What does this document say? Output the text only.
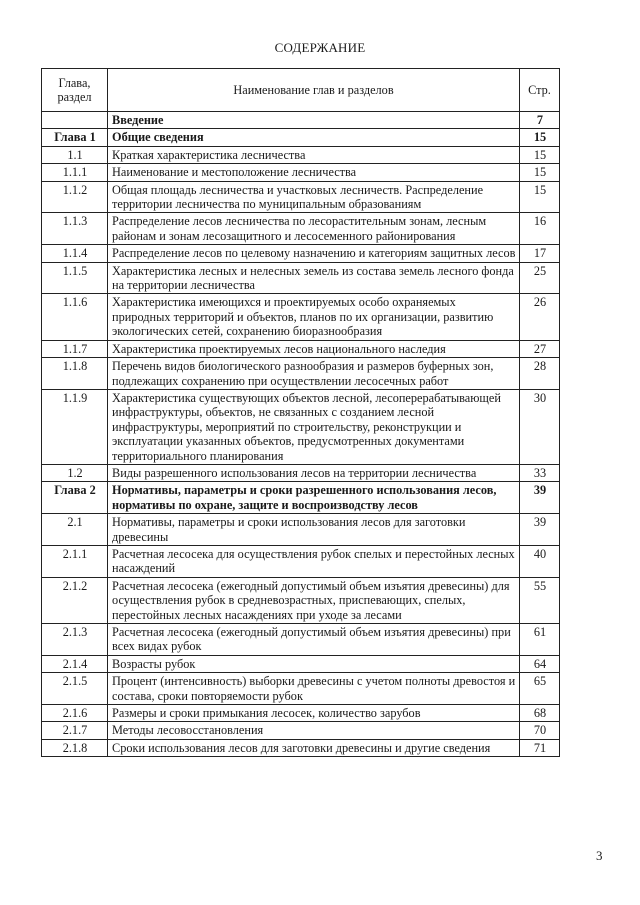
СОДЕРЖАНИЕ
Глава, раздел	Наименование глав и разделов	Стр.
	Введение	7
Глава 1	Общие сведения	15
1.1	Краткая характеристика лесничества	15
1.1.1	Наименование и местоположение лесничества	15
1.1.2	Общая площадь лесничества и участковых лесничеств. Распределение территории лесничества по муниципальным образованиям	15
1.1.3	Распределение лесов лесничества по лесорастительным зонам, лесным районам и зонам лесозащитного и лесосеменного районирования	16
1.1.4	Распределение лесов по целевому назначению и категориям защитных лесов	17
1.1.5	Характеристика лесных и нелесных земель из состава земель лесного фонда на территории лесничества	25
1.1.6	Характеристика имеющихся и проектируемых особо охраняемых природных территорий и объектов, планов по их организации, развитию экологических сетей, сохранению биоразнообразия	26
1.1.7	Характеристика проектируемых лесов национального наследия	27
1.1.8	Перечень видов биологического разнообразия и размеров буферных зон, подлежащих сохранению при осуществлении лесосечных работ	28
1.1.9	Характеристика существующих объектов лесной, лесоперерабатывающей инфраструктуры, объектов, не связанных с созданием лесной инфраструктуры, мероприятий по строительству, реконструкции и эксплуатации указанных объектов, предусмотренных документами территориального планирования	30
1.2	Виды разрешенного использования лесов на территории лесничества	33
Глава 2	Нормативы, параметры и сроки разрешенного использования лесов, нормативы по охране, защите и воспроизводству лесов	39
2.1	Нормативы, параметры и сроки использования лесов для заготовки древесины	39
2.1.1	Расчетная лесосека для осуществления рубок спелых и перестойных лесных насаждений	40
2.1.2	Расчетная лесосека (ежегодный допустимый объем изъятия древесины) для осуществления рубок в средневозрастных, приспевающих, спелых, перестойных лесных насаждениях при уходе за лесами	55
2.1.3	Расчетная лесосека (ежегодный допустимый объем изъятия древесины) при всех видах рубок	61
2.1.4	Возрасты рубок	64
2.1.5	Процент (интенсивность) выборки древесины с учетом полноты древостоя и состава, сроки повторяемости рубок	65
2.1.6	Размеры и сроки примыкания лесосек, количество зарубов	68
2.1.7	Методы лесовосстановления	70
2.1.8	Сроки использования лесов для заготовки древесины и другие сведения	71
3
